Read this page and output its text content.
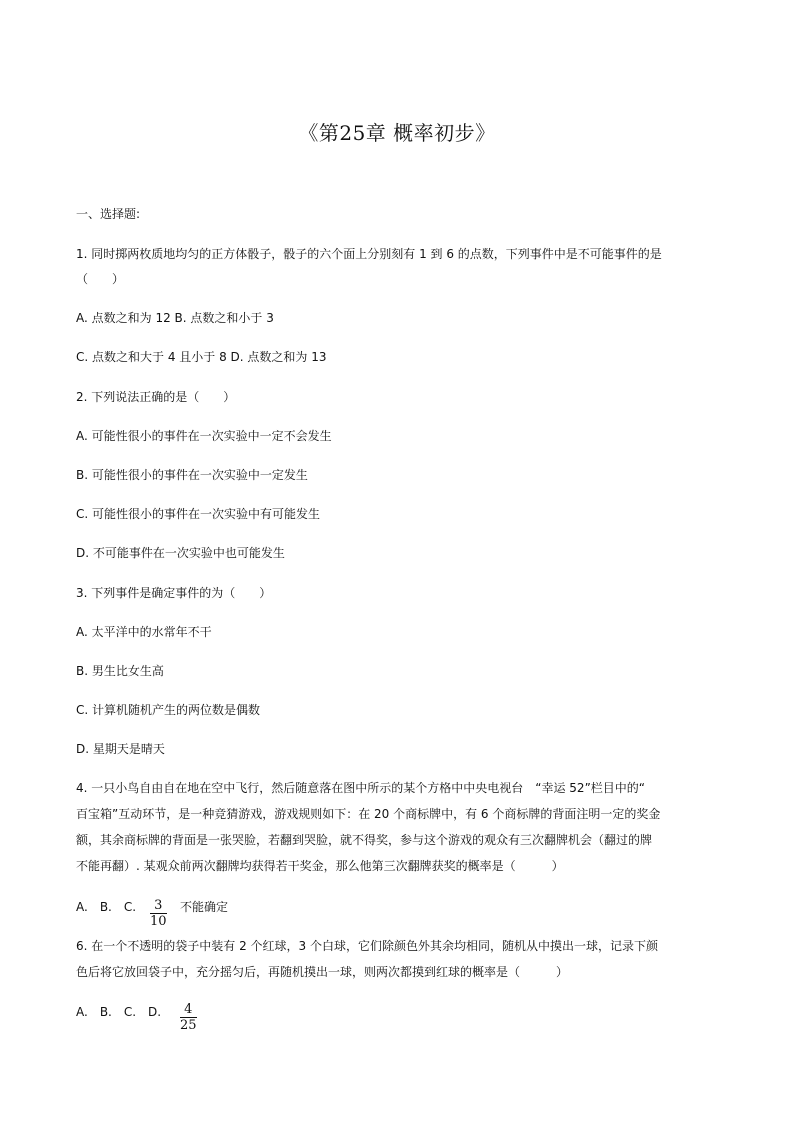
《第25章 概率初步》
一、选择题:
1. 同时掷两枚质地均匀的正方体骰子，骰子的六个面上分别刻有 1 到 6 的点数，下列事件中是不可能事件的是
（　　）
A. 点数之和为 12 B. 点数之和小于 3
C. 点数之和大于 4 且小于 8 D. 点数之和为 13
2. 下列说法正确的是（　　）
A. 可能性很小的事件在一次实验中一定不会发生
B. 可能性很小的事件在一次实验中一定发生
C. 可能性很小的事件在一次实验中有可能发生
D. 不可能事件在一次实验中也可能发生
3. 下列事件是确定事件的为（　　）
A. 太平洋中的水常年不干
B. 男生比女生高
C. 计算机随机产生的两位数是偶数
D. 星期天是晴天
4. 一只小鸟自由自在地在空中飞行，然后随意落在图中所示的某个方格中中央电视台　“幸运 52”栏目中的“
百宝箱”互动环节，是一种竞猜游戏，游戏规则如下：在 20 个商标牌中，有 6 个商标牌的背面注明一定的奖金
额，其余商标牌的背面是一张哭脸，若翻到哭脸，就不得奖，参与这个游戏的观众有三次翻牌机会（翻过的牌
不能再翻）. 某观众前两次翻牌均获得若干奖金，那么他第三次翻牌获奖的概率是（　　　）
A.　B.　C. 3
10
不能确定
6. 在一个不透明的袋子中装有 2 个红球，3 个白球，它们除颜色外其余均相同，随机从中摸出一球，记录下颜
色后将它放回袋子中，充分摇匀后，再随机摸出一球，则两次都摸到红球的概率是（　　　）
A.　B.　C.　D. 4
25
